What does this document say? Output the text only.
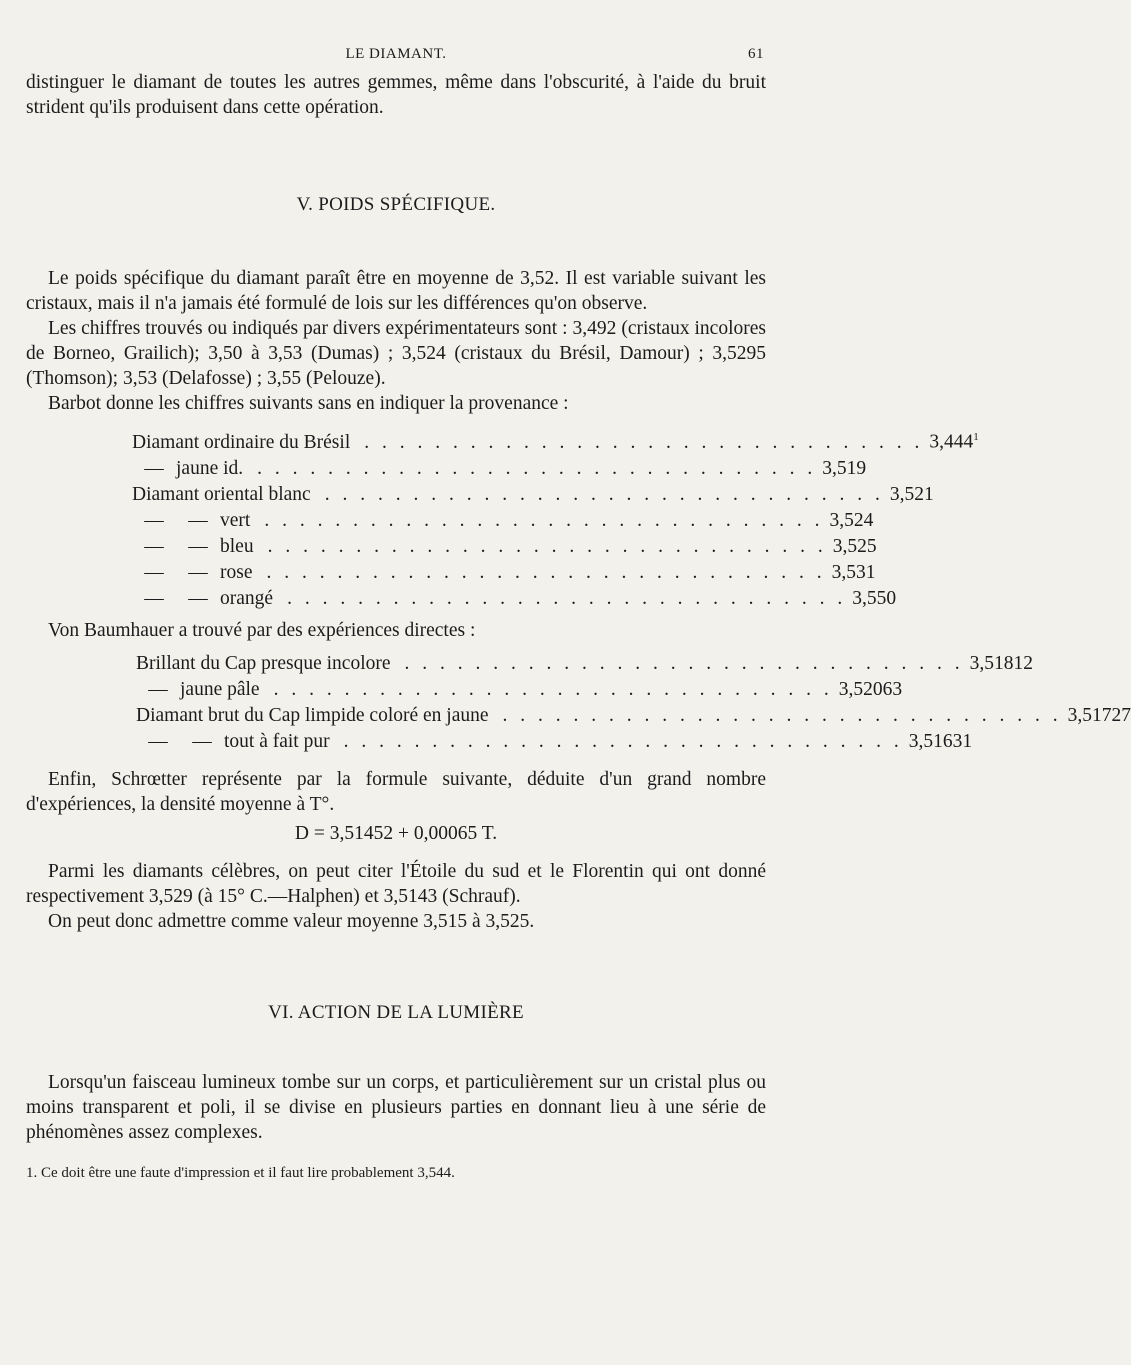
LE DIAMANT.	61

distinguer le diamant de toutes les autres gemmes, même dans l'obscurité, à l'aide du bruit strident qu'ils produisent dans cette opération.

V. POIDS SPÉCIFIQUE.

Le poids spécifique du diamant paraît être en moyenne de 3,52. Il est variable suivant les cristaux, mais il n'a jamais été formulé de lois sur les différences qu'on observe.

Les chiffres trouvés ou indiqués par divers expérimentateurs sont : 3,492 (cristaux incolores de Borneo, Grailich); 3,50 à 3,53 (Dumas) ; 3,524 (cristaux du Brésil, Damour) ; 3,5295 (Thomson); 3,53 (Delafosse) ; 3,55 (Pelouze).

Barbot donne les chiffres suivants sans en indiquer la provenance :

Diamant ordinaire du Brésil . . . . . . . . . . . . . . . . . . . . . . . . . . . . . . . . 3,444$^1$
— jaune id. . . . . . . . . . . . . . . . . . . . . . . . . . . . . . . . . 3,519
Diamant oriental blanc . . . . . . . . . . . . . . . . . . . . . . . . . . . . . . . . 3,521
— — vert . . . . . . . . . . . . . . . . . . . . . . . . . . . . . . . . 3,524
— — bleu . . . . . . . . . . . . . . . . . . . . . . . . . . . . . . . . 3,525
— — rose . . . . . . . . . . . . . . . . . . . . . . . . . . . . . . . . 3,531
— — orangé . . . . . . . . . . . . . . . . . . . . . . . . . . . . . . . . 3,550

Von Baumhauer a trouvé par des expériences directes :

Brillant du Cap presque incolore . . . . . . . . . . . . . . . . . . . . . . . . . . . . . . . . 3,51812
— jaune pâle . . . . . . . . . . . . . . . . . . . . . . . . . . . . . . . . 3,52063
Diamant brut du Cap limpide coloré en jaune . . . . . . . . . . . . . . . . . . . . . . . . . . . . . . . . 3,51727
— — tout à fait pur . . . . . . . . . . . . . . . . . . . . . . . . . . . . . . . . 3,51631

Enfin, Schrœtter représente par la formule suivante, déduite d'un grand nombre d'expériences, la densité moyenne à T°.

D = 3,51452 + 0,00065 T.

Parmi les diamants célèbres, on peut citer l'Étoile du sud et le Florentin qui ont donné respectivement 3,529 (à 15° C.—Halphen) et 3,5143 (Schrauf).

On peut donc admettre comme valeur moyenne 3,515 à 3,525.

VI. ACTION DE LA LUMIÈRE

Lorsqu'un faisceau lumineux tombe sur un corps, et particulièrement sur un cristal plus ou moins transparent et poli, il se divise en plusieurs parties en donnant lieu à une série de phénomènes assez complexes.

1. Ce doit être une faute d'impression et il faut lire probablement 3,544.
